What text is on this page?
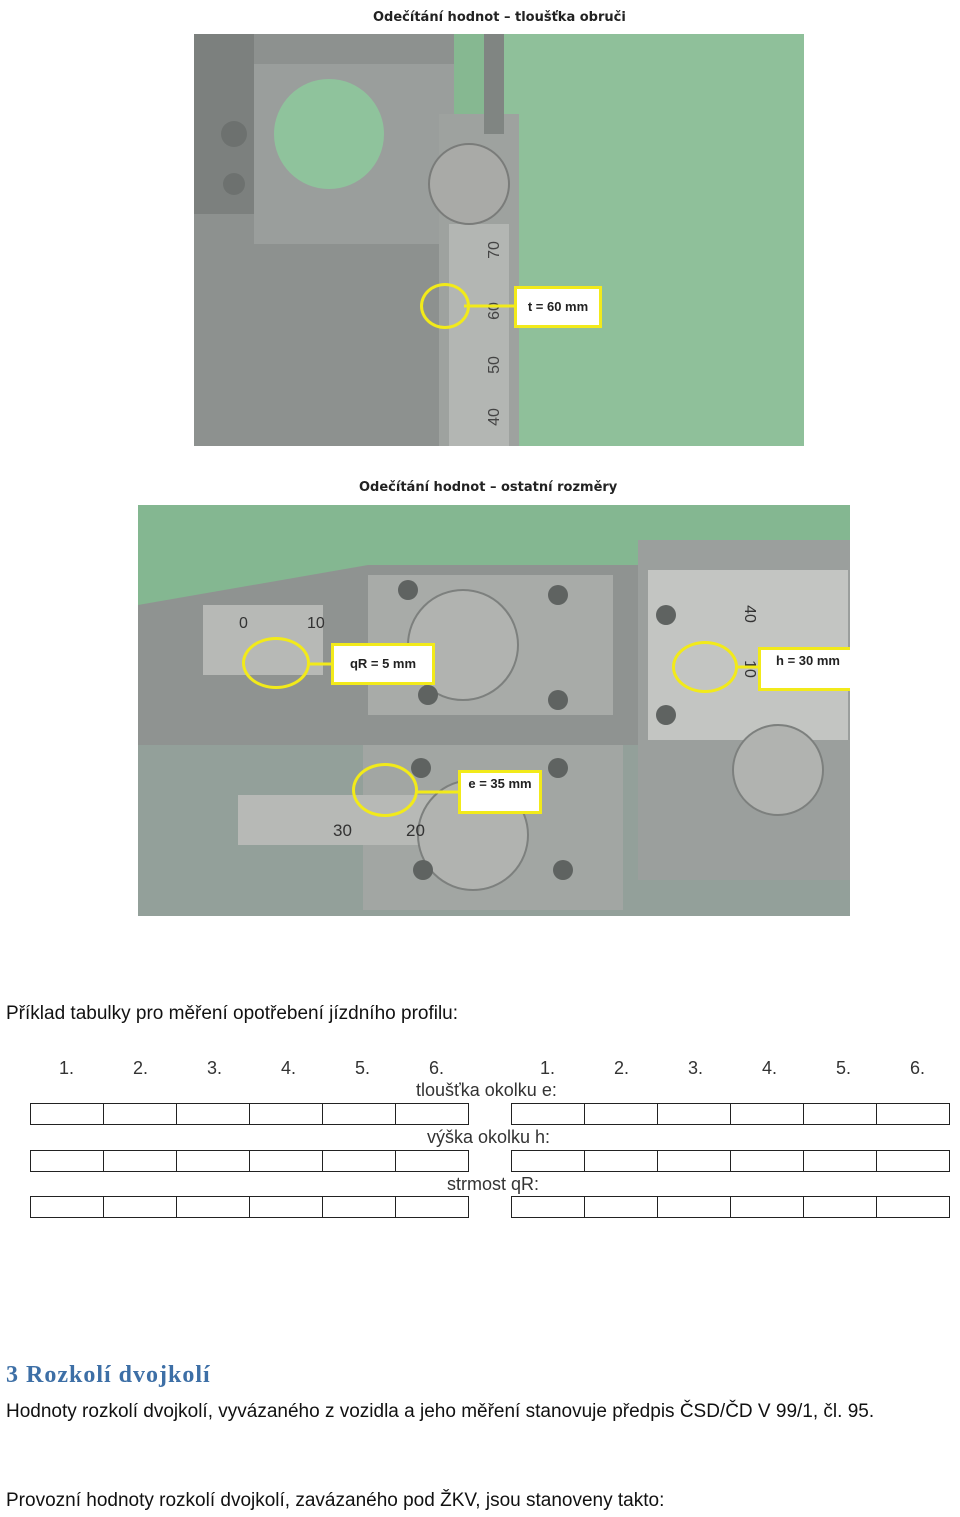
Odečítání hodnot – tloušťka obruči
70
60
50
40
t = 60 mm
Odečítání hodnot – ostatní rozměry
0	10
40
10
30	20
qR = 5 mm	h = 30 mm
e = 35 mm
Příklad tabulky pro měření opotřebení jízdního profilu:
1.	2.	3.	4.	5.	6.	1.	2.	3.	4.	5.	6.
tloušťka okolku e:
výška okolku h:
strmost qR:
3 Rozkolí dvojkolí
Hodnoty rozkolí dvojkolí, vyvázaného z vozidla a jeho měření stanovuje předpis ČSD/ČD V 99/1, čl. 95.
Provozní hodnoty rozkolí dvojkolí, zavázaného pod ŽKV, jsou stanoveny takto:
